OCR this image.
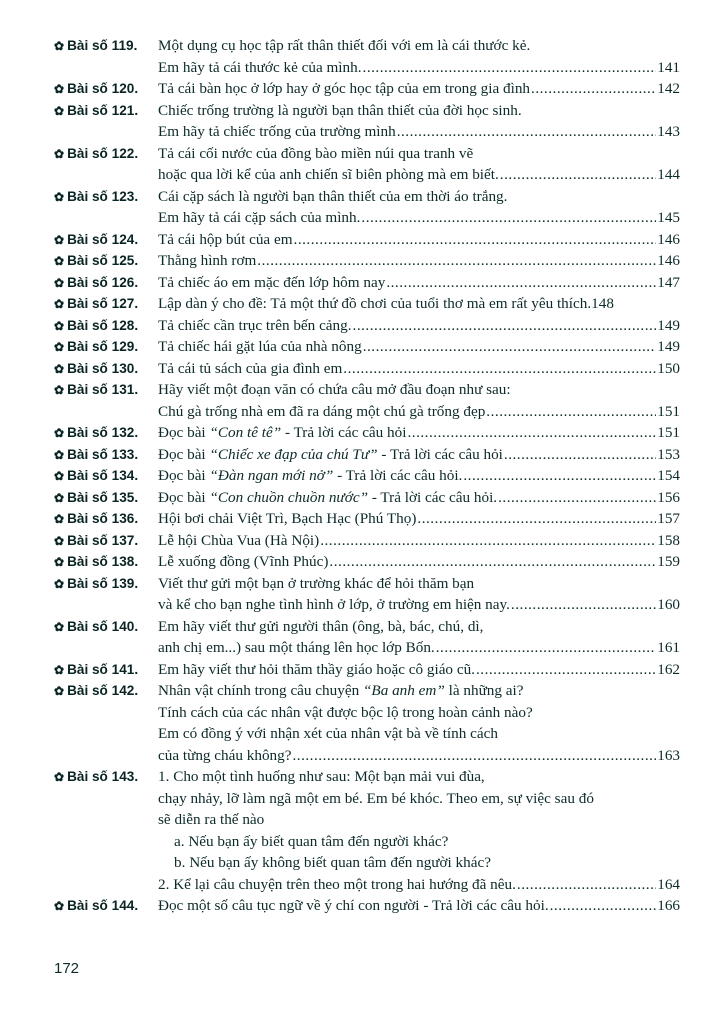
✿ Bài số 119. Một dụng cụ học tập rất thân thiết đối với em là cái thước kẻ.
Em hãy tả cái thước kẻ của mình. .....	141
✿ Bài số 120. Tả cái bàn học ở lớp hay ở góc học tập của em trong gia đình .....	142
✿ Bài số 121. Chiếc trống trường là người bạn thân thiết của đời học sinh.
Em hãy tả chiếc trống của trường mình .....	143
✿ Bài số 122. Tả cái cối nước của đồng bào miền núi qua tranh vẽ
hoặc qua lời kể của anh chiến sĩ biên phòng mà em biết. .....	144
✿ Bài số 123. Cái cặp sách là người bạn thân thiết của em thời áo trắng.
Em hãy tả cái cặp sách của mình. .....	145
✿ Bài số 124. Tả cái hộp bút của em .....	146
✿ Bài số 125. Thằng hình rơm .....	146
✿ Bài số 126. Tả chiếc áo em mặc đến lớp hôm nay .....	147
✿ Bài số 127. Lập dàn ý cho đề: Tả một thứ đồ chơi của tuổi thơ mà em rất yêu thích. 148
✿ Bài số 128. Tả chiếc cần trục trên bến cảng. .....	149
✿ Bài số 129. Tả chiếc hái gặt lúa của nhà nông .....	149
✿ Bài số 130. Tả cái tủ sách của gia đình em .....	150
✿ Bài số 131. Hãy viết một đoạn văn có chứa câu mở đầu đoạn như sau:
Chú gà trống nhà em đã ra dáng một chú gà trống đẹp .....	151
✿ Bài số 132. Đọc bài “Con tê tê” - Trả lời các câu hỏi .....	151
✿ Bài số 133. Đọc bài “Chiếc xe đạp của chú Tư” - Trả lời các câu hỏi .....	153
✿ Bài số 134. Đọc bài “Đàn ngan mới nở” - Trả lời các câu hỏi. .....	154
✿ Bài số 135. Đọc bài “Con chuồn chuồn nước” - Trả lời các câu hỏi. .....	156
✿ Bài số 136. Hội bơi chải Việt Trì, Bạch Hạc (Phú Thọ) .....	157
✿ Bài số 137. Lễ hội Chùa Vua (Hà Nội) .....	158
✿ Bài số 138. Lễ xuống đồng (Vĩnh Phúc) .....	159
✿ Bài số 139. Viết thư gửi một bạn ở trường khác để hỏi thăm bạn
và kể cho bạn nghe tình hình ở lớp, ở trường em hiện nay. .....	160
✿ Bài số 140. Em hãy viết thư gửi người thân (ông, bà, bác, chú, dì,
anh chị em...) sau một tháng lên học lớp Bốn. .....	161
✿ Bài số 141. Em hãy viết thư hỏi thăm thầy giáo hoặc cô giáo cũ. .....	162
✿ Bài số 142. Nhân vật chính trong câu chuyện “Ba anh em” là những ai?
Tính cách của các nhân vật được bộc lộ trong hoàn cảnh nào?
Em có đồng ý với nhận xét của nhân vật bà về tính cách
của từng cháu không? .....	163
✿ Bài số 143. 1. Cho một tình huống như sau: Một bạn mải vui đùa,
chạy nhảy, lỡ làm ngã một em bé. Em bé khóc. Theo em, sự việc sau đó
sẽ diễn ra thế nào
a. Nếu bạn ấy biết quan tâm đến người khác?
b. Nếu bạn ấy không biết quan tâm đến người khác?
2. Kể lại câu chuyện trên theo một trong hai hướng đã nêu. .....	164
✿ Bài số 144. Đọc một số câu tục ngữ về ý chí con người - Trả lời các câu hỏi. .....	166
172
